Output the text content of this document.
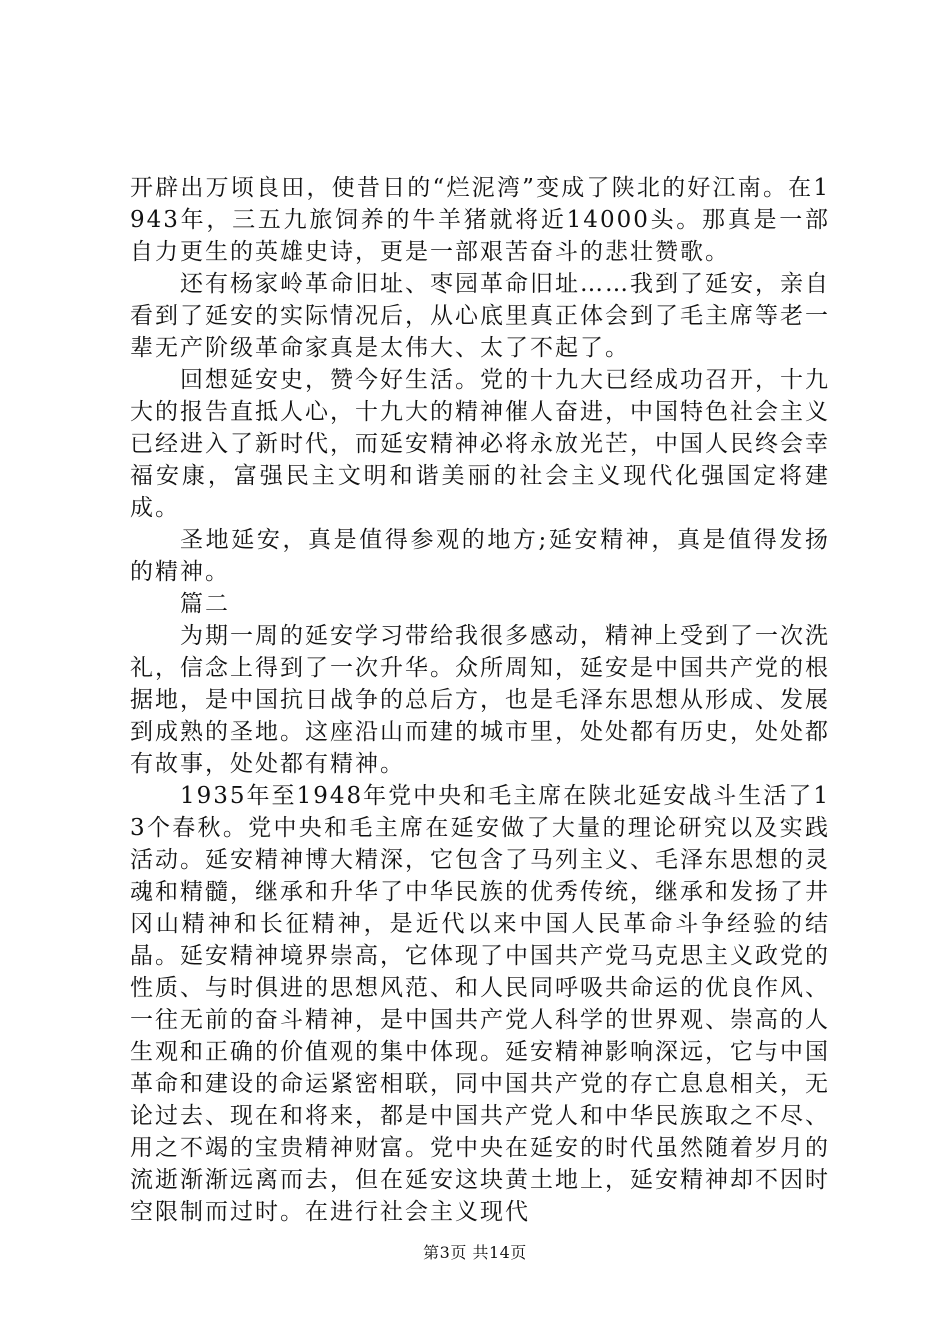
开辟出万顷良田，使昔日的“烂泥湾”变成了陕北的好江南。在1943年，三五九旅饲养的牛羊猪就将近14000头。那真是一部自力更生的英雄史诗，更是一部艰苦奋斗的悲壮赞歌。

还有杨家岭革命旧址、枣园革命旧址……我到了延安，亲自看到了延安的实际情况后，从心底里真正体会到了毛主席等老一辈无产阶级革命家真是太伟大、太了不起了。

回想延安史，赞今好生活。党的十九大已经成功召开，十九大的报告直抵人心，十九大的精神催人奋进，中国特色社会主义已经进入了新时代，而延安精神必将永放光芒，中国人民终会幸福安康，富强民主文明和谐美丽的社会主义现代化强国定将建成。

圣地延安，真是值得参观的地方;延安精神，真是值得发扬的精神。

篇二

为期一周的延安学习带给我很多感动，精神上受到了一次洗礼，信念上得到了一次升华。众所周知，延安是中国共产党的根据地，是中国抗日战争的总后方，也是毛泽东思想从形成、发展到成熟的圣地。这座沿山而建的城市里，处处都有历史，处处都有故事，处处都有精神。

1935年至1948年党中央和毛主席在陕北延安战斗生活了13个春秋。党中央和毛主席在延安做了大量的理论研究以及实践活动。延安精神博大精深，它包含了马列主义、毛泽东思想的灵魂和精髓，继承和升华了中华民族的优秀传统，继承和发扬了井冈山精神和长征精神，是近代以来中国人民革命斗争经验的结晶。延安精神境界崇高，它体现了中国共产党马克思主义政党的性质、与时俱进的思想风范、和人民同呼吸共命运的优良作风、一往无前的奋斗精神，是中国共产党人科学的世界观、崇高的人生观和正确的价值观的集中体现。延安精神影响深远，它与中国革命和建设的命运紧密相联，同中国共产党的存亡息息相关，无论过去、现在和将来，都是中国共产党人和中华民族取之不尽、用之不竭的宝贵精神财富。党中央在延安的时代虽然随着岁月的流逝渐渐远离而去，但在延安这块黄土地上，延安精神却不因时空限制而过时。在进行社会主义现代

第3页 共14页
